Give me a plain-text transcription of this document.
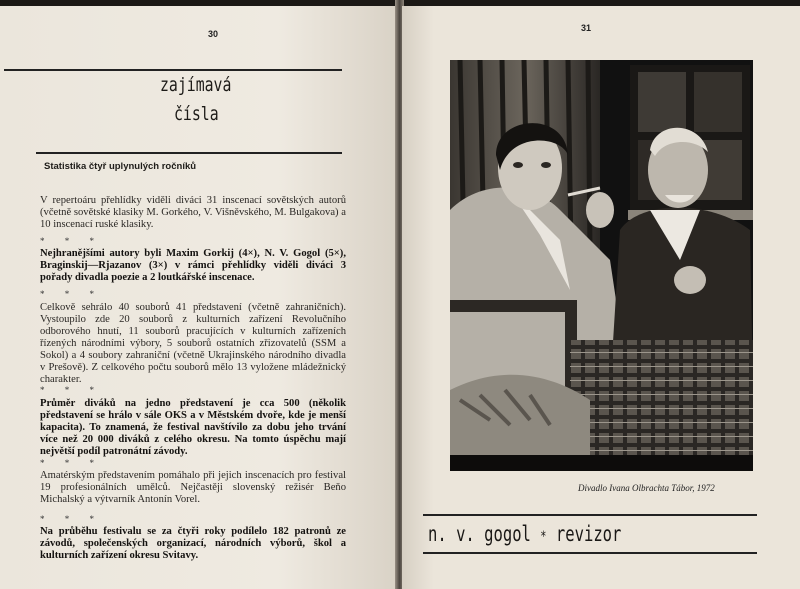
30
zajímavá
čísla
Statistika čtyř uplynulých ročníků
V repertoáru přehlídky viděli diváci 31 inscenací sovětských autorů (včetně sovětské klasiky M. Gorkého, V. Višněvského, M. Bulgakova) a 10 inscenací ruské klasiky.
* * *
Nejhranějšími autory byli Maxim Gorkij (4×), N. V. Gogol (5×), Braginskij—Rjazanov (3×) v rámci přehlídky viděli diváci 3 pořady divadla poezie a 2 loutkářské inscenace.
* * *
Celkově sehrálo 40 souborů 41 představení (včetně zahraničních). Vystoupilo zde 20 souborů z kulturních zařízení Revolučního odborového hnutí, 11 souborů pracujících v kulturních zařízeních řízených národními výbory, 5 souborů ostatních zřizovatelů (SSM a Sokol) a 4 soubory zahraniční (včetně Ukrajinského národního divadla v Prešově). Z celkového počtu souborů mělo 13 vyložene mládežnický charakter.
* * *
Průměr diváků na jedno představení je cca 500 (několik představení se hrálo v sále OKS a v Městském dvoře, kde je menší kapacita). To znamená, že festival navštívilo za dobu jeho trvání více než 20 000 diváků z celého okresu. Na tomto úspěchu mají největší podíl patronátní závody.
* * *
Amatérským představením pomáhalo při jejich inscenacích pro festival 19 profesionálních umělců. Nejčastěji slovenský režisér Beňo Michalský a výtvarník Antonín Vorel.
* * *
Na průběhu festivalu se za čtyři roky podílelo 182 patronů ze závodů, společenských organizací, národních výborů, škol a kulturních zařízení okresu Svitavy.
31
Divadlo Ivana Olbrachta Tábor, 1972
n. v. gogol ∗ revizor
